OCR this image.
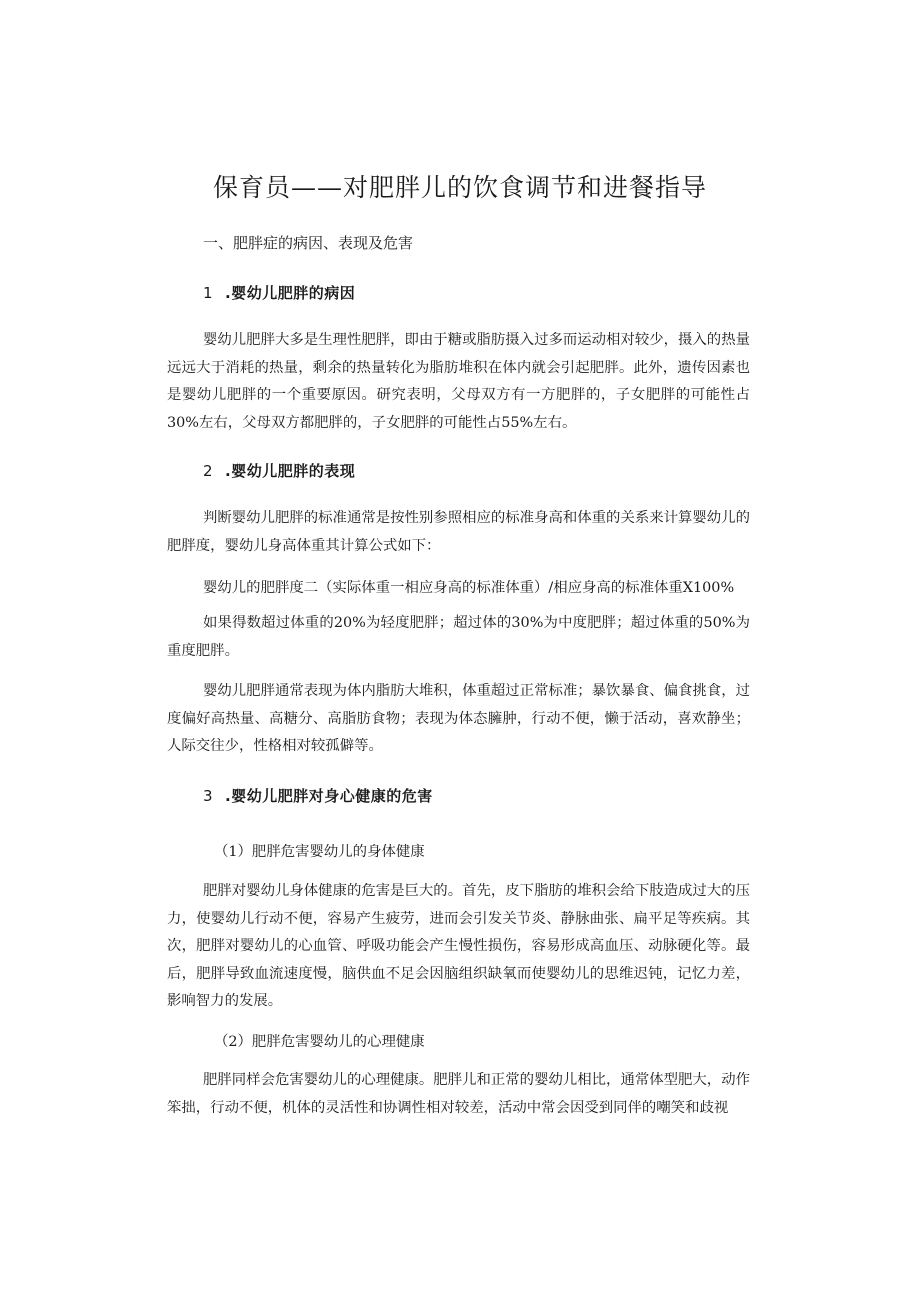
保育员——对肥胖儿的饮食调节和进餐指导

一、肥胖症的病因、表现及危害

1 .婴幼儿肥胖的病因

婴幼儿肥胖大多是生理性肥胖，即由于糖或脂肪摄入过多而运动相对较少，摄入的热量远远大于消耗的热量，剩余的热量转化为脂肪堆积在体内就会引起肥胖。此外，遗传因素也是婴幼儿肥胖的一个重要原因。研究表明，父母双方有一方肥胖的，子女肥胖的可能性占30%左右，父母双方都肥胖的，子女肥胖的可能性占55%左右。

2 .婴幼儿肥胖的表现

判断婴幼儿肥胖的标准通常是按性别参照相应的标准身高和体重的关系来计算婴幼儿的肥胖度，婴幼儿身高体重其计算公式如下：

婴幼儿的肥胖度二（实际体重一相应身高的标准体重）/相应身高的标准体重X100%

如果得数超过体重的20%为轻度肥胖；超过体的30%为中度肥胖；超过体重的50%为重度肥胖。

婴幼儿肥胖通常表现为体内脂肪大堆积，体重超过正常标准；暴饮暴食、偏食挑食，过度偏好高热量、高糖分、高脂肪食物；表现为体态臃肿，行动不便，懒于活动，喜欢静坐；人际交往少，性格相对较孤僻等。

3 .婴幼儿肥胖对身心健康的危害

（1）肥胖危害婴幼儿的身体健康

肥胖对婴幼儿身体健康的危害是巨大的。首先，皮下脂肪的堆积会给下肢造成过大的压力，使婴幼儿行动不便，容易产生疲劳，进而会引发关节炎、静脉曲张、扁平足等疾病。其次，肥胖对婴幼儿的心血管、呼吸功能会产生慢性损伤，容易形成高血压、动脉硬化等。最后，肥胖导致血流速度慢，脑供血不足会因脑组织缺氧而使婴幼儿的思维迟钝，记忆力差，影响智力的发展。

（2）肥胖危害婴幼儿的心理健康

肥胖同样会危害婴幼儿的心理健康。肥胖儿和正常的婴幼儿相比，通常体型肥大，动作笨拙，行动不便，机体的灵活性和协调性相对较差，活动中常会因受到同伴的嘲笑和歧视
